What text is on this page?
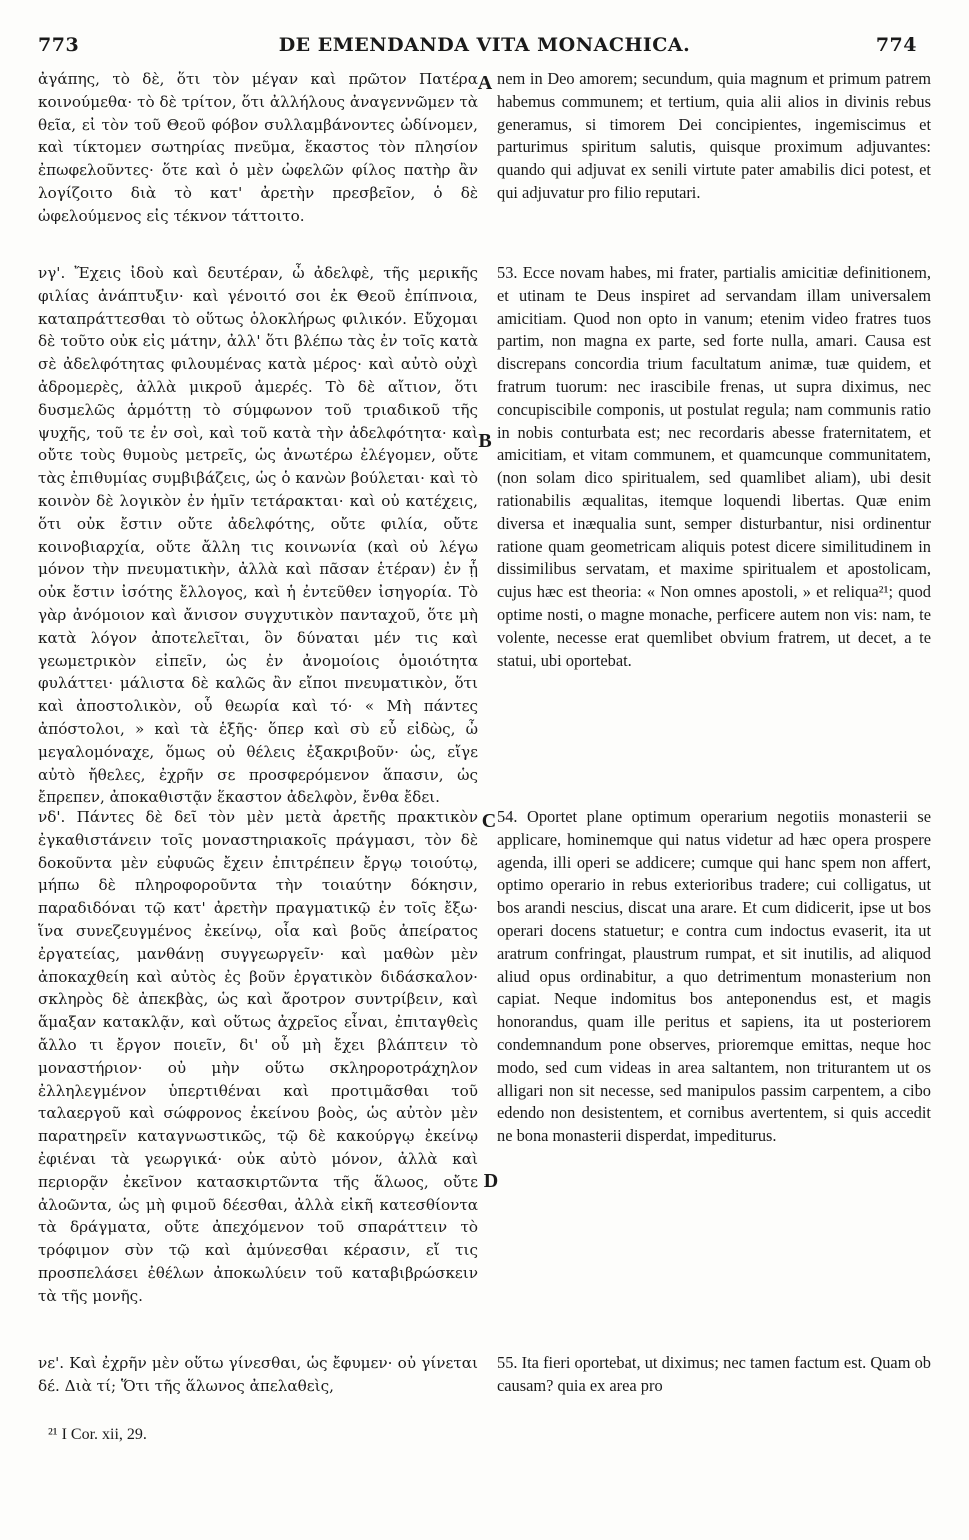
773	DE EMENDANDA VITA MONACHICA.	774

ἀγάπης, τὸ δὲ, ὅτι τὸν μέγαν καὶ πρῶτον Πατέρα κοινούμεθα· τὸ δὲ τρίτον, ὅτι ἀλλήλους ἀναγεννῶμεν τὰ θεῖα, εἰ τὸν τοῦ Θεοῦ φόβον συλλαμβάνοντες ὠδίνομεν, καὶ τίκτομεν σωτηρίας πνεῦμα, ἕκαστος τὸν πλησίον ἐπωφελοῦντες· ὅτε καὶ ὁ μὲν ὠφελῶν φίλος πατὴρ ἂν λογίζοιτο διὰ τὸ κατ' ἀρετὴν πρεσβεῖον, ὁ δὲ ὠφελούμενος εἰς τέκνον τάττοιτο.

νγ'. Ἔχεις ἰδοὺ καὶ δευτέραν, ὦ ἀδελφὲ, τῆς μερικῆς φιλίας ἀνάπτυξιν· καὶ γένοιτό σοι ἐκ Θεοῦ ἐπίπνοια, καταπράττεσθαι τὸ οὕτως ὁλοκλήρως φιλικόν. Εὔχομαι δὲ τοῦτο οὐκ εἰς μάτην, ἀλλ' ὅτι βλέπω τὰς ἐν τοῖς κατὰ σὲ ἀδελφότητας φιλουμένας κατὰ μέρος· καὶ αὐτὸ οὐχὶ ἀδρομερὲς, ἀλλὰ μικροῦ ἀμερές. Τὸ δὲ αἴτιον, ὅτι δυσμελῶς ἁρμόττῃ τὸ σύμφωνον τοῦ τριαδικοῦ τῆς ψυχῆς, τοῦ τε ἐν σοὶ, καὶ τοῦ κατὰ τὴν ἀδελφότητα· καὶ οὔτε τοὺς θυμοὺς μετρεῖς, ὡς ἀνωτέρω ἐλέγομεν, οὔτε τὰς ἐπιθυμίας συμβιβάζεις, ὡς ὁ κανὼν βούλεται· καὶ τὸ κοινὸν δὲ λογικὸν ἐν ἡμῖν τετάρακται· καὶ οὐ κατέχεις, ὅτι οὐκ ἔστιν οὔτε ἀδελφότης, οὔτε φιλία, οὔτε κοινοβιαρχία, οὔτε ἄλλη τις κοινωνία (καὶ οὐ λέγω μόνον τὴν πνευματικὴν, ἀλλὰ καὶ πᾶσαν ἑτέραν) ἐν ᾗ οὐκ ἔστιν ἰσότης ἔλλογος, καὶ ἡ ἐντεῦθεν ἰσηγορία. Τὸ γὰρ ἀνόμοιον καὶ ἄνισον συγχυτικὸν πανταχοῦ, ὅτε μὴ κατὰ λόγον ἀποτελεῖται, ὃν δύναται μέν τις καὶ γεωμετρικὸν εἰπεῖν, ὡς ἐν ἀνομοίοις ὁμοιότητα φυλάττει· μάλιστα δὲ καλῶς ἂν εἴποι πνευματικὸν, ὅτι καὶ ἀποστολικὸν, οὗ θεωρία καὶ τό· « Μὴ πάντες ἀπόστολοι, » καὶ τὰ ἑξῆς· ὅπερ καὶ σὺ εὖ εἰδὼς, ὦ μεγαλομόναχε, ὅμως οὐ θέλεις ἐξακριβοῦν· ὡς, εἴγε αὐτὸ ἤθελες, ἐχρῆν σε προσφερόμενον ἅπασιν, ὡς ἔπρεπεν, ἀποκαθιστᾷν ἕκαστον ἀδελφὸν, ἔνθα ἔδει.

νδ'. Πάντες δὲ δεῖ τὸν μὲν μετὰ ἀρετῆς πρακτικὸν ἐγκαθιστάνειν τοῖς μοναστηριακοῖς πράγμασι, τὸν δὲ δοκοῦντα μὲν εὐφυῶς ἔχειν ἐπιτρέπειν ἔργῳ τοιούτῳ, μήπω δὲ πληροφοροῦντα τὴν τοιαύτην δόκησιν, παραδιδόναι τῷ κατ' ἀρετὴν πραγματικῷ ἐν τοῖς ἔξω· ἵνα συνεζευγμένος ἐκείνῳ, οἷα καὶ βοῦς ἀπείρατος ἐργατείας, μανθάνῃ συγγεωργεῖν· καὶ μαθὼν μὲν ἀποκαχθείη καὶ αὐτὸς ἐς βοῦν ἐργατικὸν διδάσκαλον· σκληρὸς δὲ ἀπεκβὰς, ὡς καὶ ἄροτρον συντρίβειν, καὶ ἅμαξαν κατακλᾷν, καὶ οὕτως ἀχρεῖος εἶναι, ἐπιταγθεὶς ἄλλο τι ἔργον ποιεῖν, δι' οὗ μὴ ἔχει βλάπτειν τὸ μοναστήριον· οὐ μὴν οὕτω σκληροροτράχηλον ἐλληλεγμένον ὑπερτιθέναι καὶ προτιμᾶσθαι τοῦ ταλαεργοῦ καὶ σώφρονος ἐκείνου βοὸς, ὡς αὐτὸν μὲν παρατηρεῖν καταγνωστικῶς, τῷ δὲ κακούργῳ ἐκείνῳ ἐφιέναι τὰ γεωργικά· οὐκ αὐτὸ μόνον, ἀλλὰ καὶ περιορᾷν ἐκεῖνον κατασκιρτῶντα τῆς ἅλωος, οὔτε ἀλοῶντα, ὡς μὴ φιμοῦ δέεσθαι, ἀλλὰ εἰκῆ κατεσθίοντα τὰ δράγματα, οὔτε ἀπεχόμενον τοῦ σπαράττειν τὸ τρόφιμον σὺν τῷ καὶ ἀμύνεσθαι κέρασιν, εἴ τις προσπελάσει ἐθέλων ἀποκωλύειν τοῦ καταβιβρώσκειν τὰ τῆς μονῆς.

νε'. Καὶ ἐχρῆν μὲν οὕτω γίνεσθαι, ὡς ἔφυμεν· οὐ γίνεται δέ. Διὰ τί; Ὅτι τῆς ἅλωνος ἀπελαθεὶς,

A
B
C
D

nem in Deo amorem; secundum, quia magnum et primum patrem habemus communem; et tertium, quia alii alios in divinis rebus generamus, si timorem Dei concipientes, ingemiscimus et parturimus spiritum salutis, quisque proximum adjuvantes: quando qui adjuvat ex senili virtute pater amabilis dici potest, et qui adjuvatur pro filio reputari.

53. Ecce novam habes, mi frater, partialis amicitiæ definitionem, et utinam te Deus inspiret ad servandam illam universalem amicitiam. Quod non opto in vanum; etenim video fratres tuos partim, non magna ex parte, sed forte nulla, amari. Causa est discrepans concordia trium facultatum animæ, tuæ quidem, et fratrum tuorum: nec irascibile frenas, ut supra diximus, nec concupiscibile componis, ut postulat regula; nam communis ratio in nobis conturbata est; nec recordaris abesse fraternitatem, et amicitiam, et vitam communem, et quamcunque communitatem, (non solam dico spiritualem, sed quamlibet aliam), ubi desit rationabilis æqualitas, itemque loquendi libertas. Quæ enim diversa et inæqualia sunt, semper disturbantur, nisi ordinentur ratione quam geometricam aliquis potest dicere similitudinem in dissimilibus servatam, et maxime spiritualem et apostolicam, cujus hæc est theoria: « Non omnes apostoli, » et reliqua²¹; quod optime nosti, o magne monache, perficere autem non vis: nam, te volente, necesse erat quemlibet obvium fratrem, ut decet, a te statui, ubi oportebat.

54. Oportet plane optimum operarium negotiis monasterii se applicare, hominemque qui natus videtur ad hæc opera prospere agenda, illi operi se addicere; cumque qui hanc spem non affert, optimo operario in rebus exterioribus tradere; cui colligatus, ut bos arandi nescius, discat una arare. Et cum didicerit, ipse ut bos operari docens statuetur; e contra cum indoctus evaserit, ita ut aratrum confringat, plaustrum rumpat, et sit inutilis, ad aliquod aliud opus ordinabitur, a quo detrimentum monasterium non capiat. Neque indomitus bos anteponendus est, et magis honorandus, quam ille peritus et sapiens, ita ut posteriorem condemnandum pone observes, prioremque emittas, neque hoc modo, sed cum videas in area saltantem, non triturantem ut os alligari non sit necesse, sed manipulos passim carpentem, a cibo edendo non desistentem, et cornibus avertentem, si quis accedit ne bona monasterii disperdat, impediturus.

55. Ita fieri oportebat, ut diximus; nec tamen factum est. Quam ob causam? quia ex area pro

²¹ I Cor. xii, 29.
